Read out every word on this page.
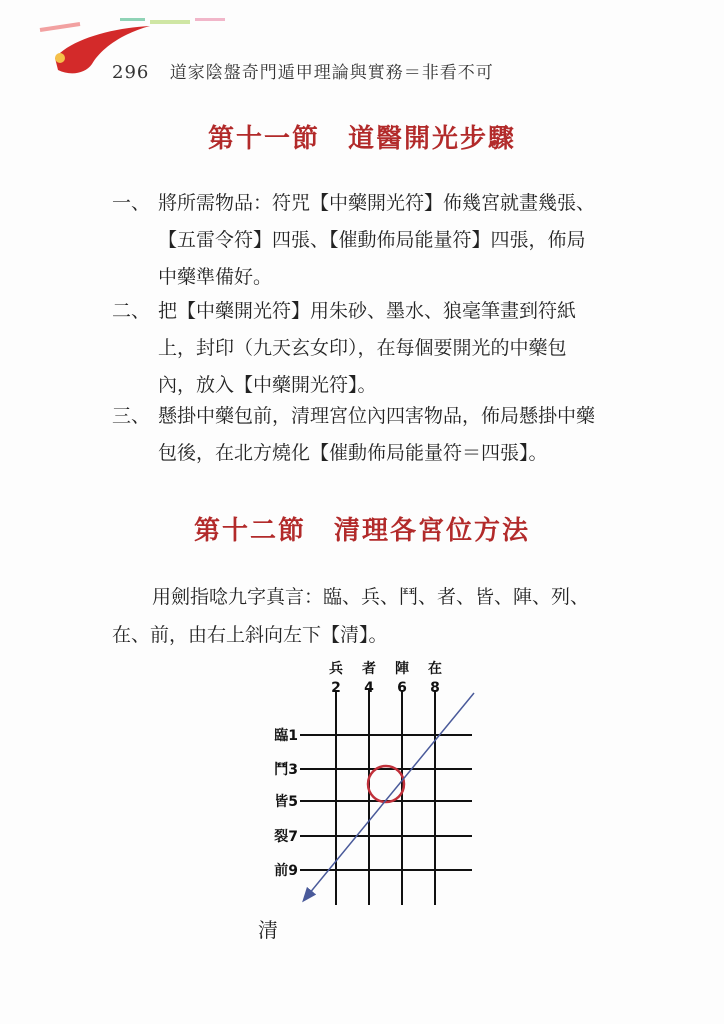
296 道家陰盤奇門遁甲理論與實務＝非看不可
第十一節　道醫開光步驟
一、 將所需物品：符咒【中藥開光符】佈幾宮就畫幾張、
【五雷令符】四張、【催動佈局能量符】四張，佈局
中藥準備好。
二、 把【中藥開光符】用朱砂、墨水、狼毫筆畫到符紙
上，封印（九天玄女印），在每個要開光的中藥包
內，放入【中藥開光符】。
三、 懸掛中藥包前，清理宮位內四害物品，佈局懸掛中藥
包後，在北方燒化【催動佈局能量符＝四張】。
第十二節　清理各宮位方法
用劍指唸九字真言：臨、兵、鬥、者、皆、陣、列、
在、前，由右上斜向左下【清】。
兵 者 陣 在
2 4 6 8
臨1
鬥3
皆5
裂7
前9
清
